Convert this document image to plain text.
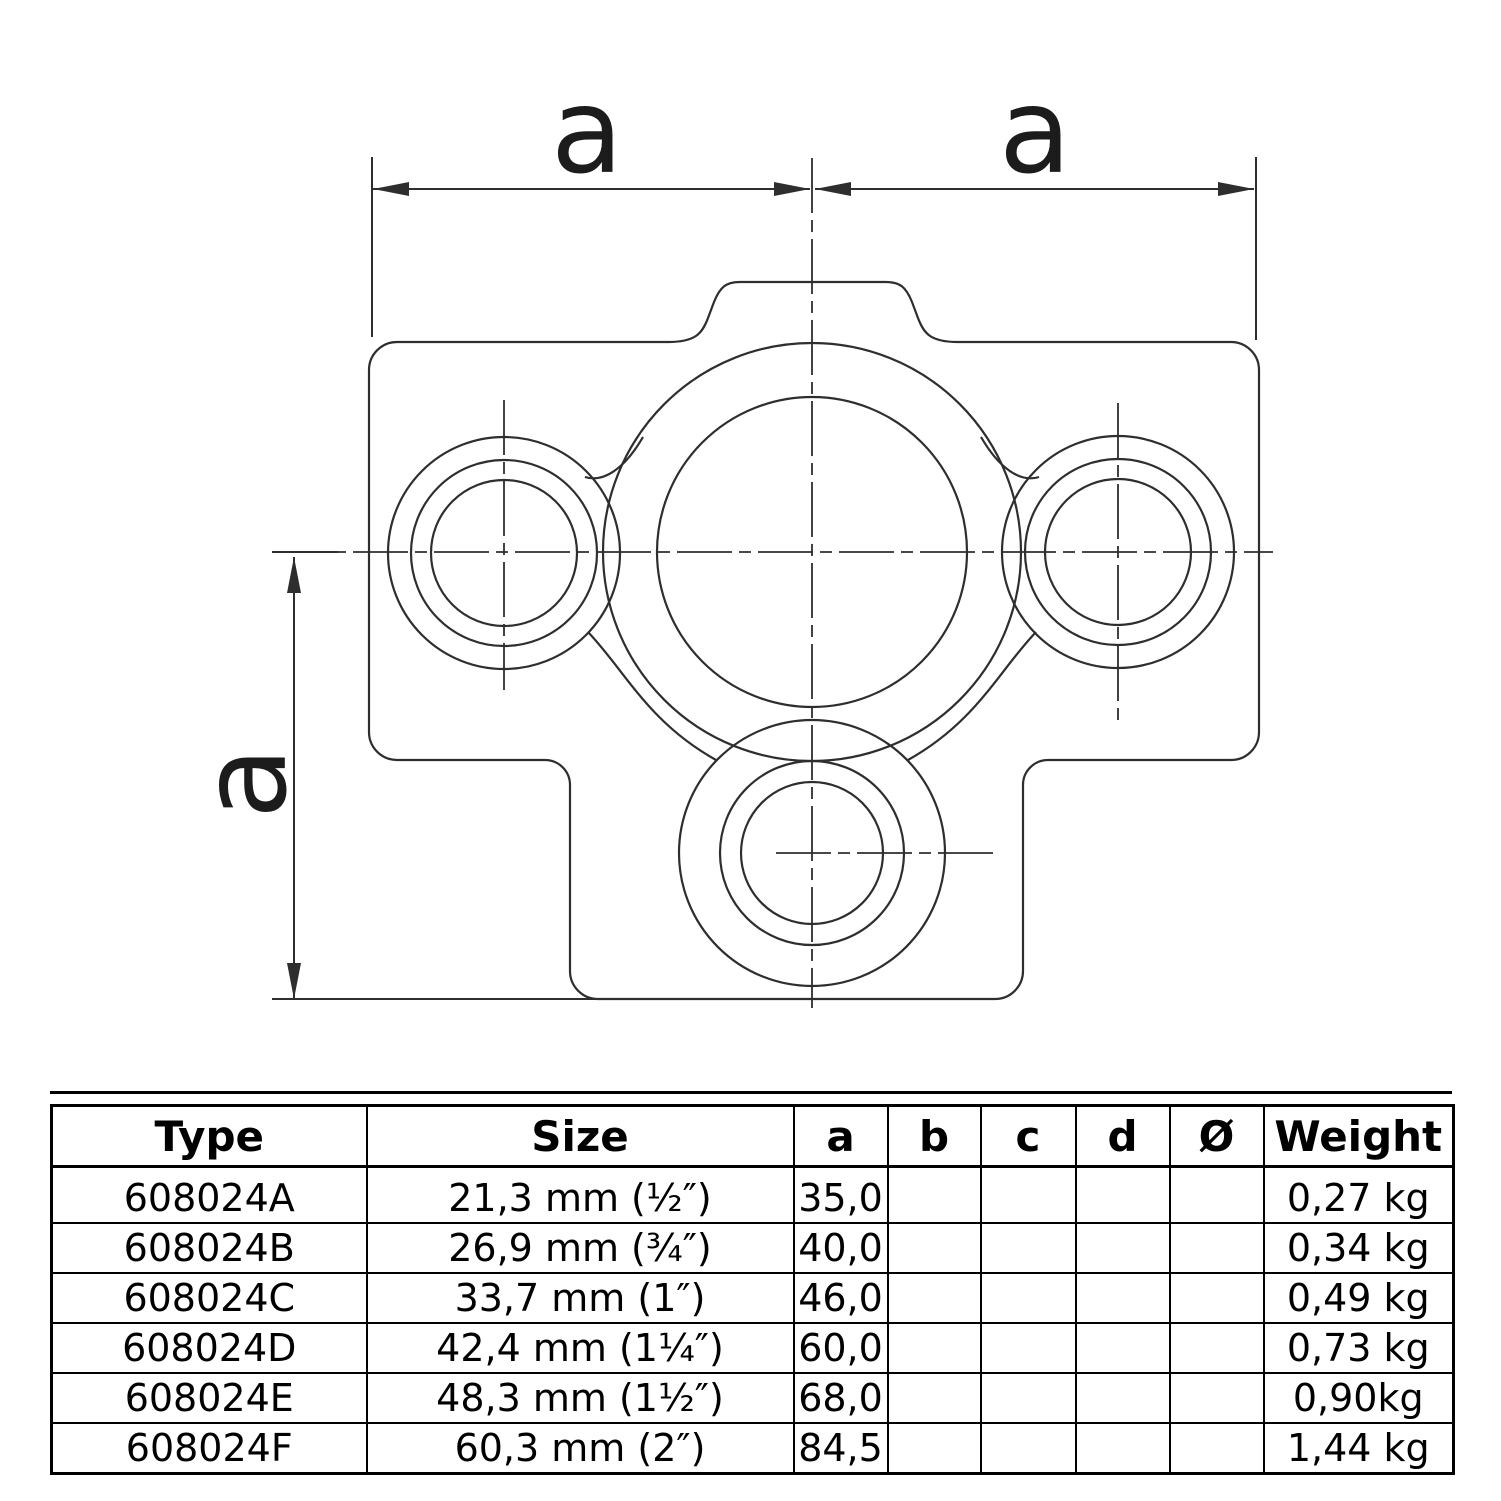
a	a
a
Type	Size	a	b	c	d	Ø	Weight
608024A	21,3 mm (½″)	35,0					0,27 kg
608024B	26,9 mm (¾″)	40,0					0,34 kg
608024C	33,7 mm (1″)	46,0					0,49 kg
608024D	42,4 mm (1¼″)	60,0					0,73 kg
608024E	48,3 mm (1½″)	68,0					0,90kg
608024F	60,3 mm (2″)	84,5					1,44 kg
